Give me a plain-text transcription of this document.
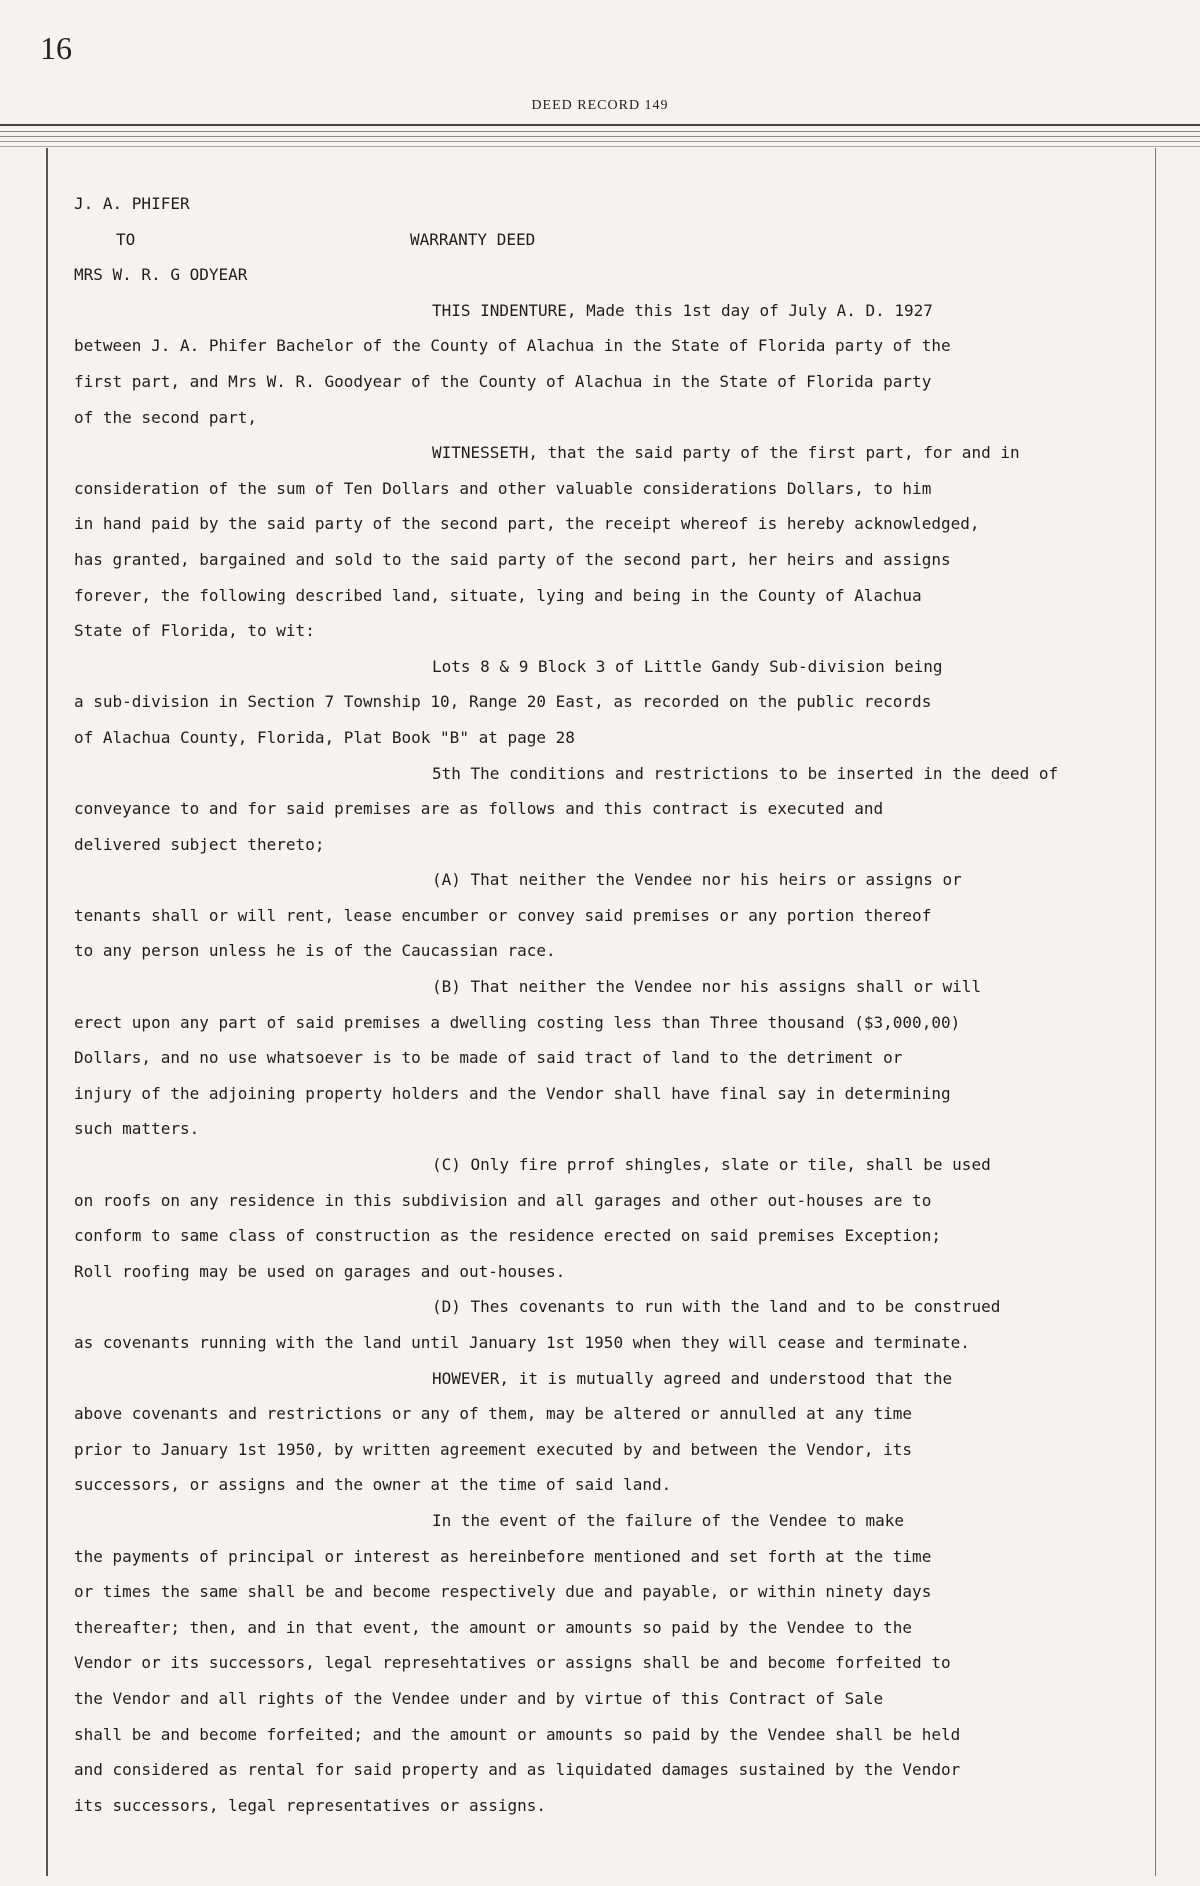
16
DEED RECORD 149
J. A. PHIFER
TO	WARRANTY DEED
MRS W. R. G ODYEAR
THIS INDENTURE, Made this 1st day of July A. D. 1927
between J. A. Phifer Bachelor of the County of Alachua in the State of Florida party of the
first part, and Mrs W. R. Goodyear of the County of Alachua in the State of Florida party
of the second part,
WITNESSETH, that the said party of the first part, for and in
consideration of the sum of Ten Dollars and other valuable considerations Dollars, to him
in hand paid by the said party of the second part, the receipt whereof is hereby acknowledged,
has granted, bargained and sold to the said party of the second part, her heirs and assigns
forever, the following described land, situate, lying and being in the County of Alachua
State of Florida, to wit:
Lots 8 & 9 Block 3 of Little Gandy Sub-division being
a sub-division in Section 7 Township 10, Range 20 East, as recorded on the public records
of Alachua County, Florida, Plat Book "B" at page 28
5th The conditions and restrictions to be inserted in the deed of
conveyance to and for said premises are as follows and this contract is executed and
delivered subject thereto;
(A) That neither the Vendee nor his heirs or assigns or
tenants shall or will rent, lease encumber or convey said premises or any portion thereof
to any person unless he is of the Caucassian race.
(B) That neither the Vendee nor his assigns shall or will
erect upon any part of said premises a dwelling costing less than Three thousand ($3,000,00)
Dollars, and no use whatsoever is to be made of said tract of land to the detriment or
injury of the adjoining property holders and the Vendor shall have final say in determining
such matters.
(C) Only fire prrof shingles, slate or tile, shall be used
on roofs on any residence in this subdivision and all garages and other out-houses are to
conform to same class of construction as the residence erected on said premises Exception;
Roll roofing may be used on garages and out-houses.
(D) Thes covenants to run with the land and to be construed
as covenants running with the land until January 1st 1950 when they will cease and terminate.
HOWEVER, it is mutually agreed and understood that the
above covenants and restrictions or any of them, may be altered or annulled at any time
prior to January 1st 1950, by written agreement executed by and between the Vendor, its
successors, or assigns and the owner at the time of said land.
In the event of the failure of the Vendee to make
the payments of principal or interest as hereinbefore mentioned and set forth at the time
or times the same shall be and become respectively due and payable, or within ninety days
thereafter; then, and in that event, the amount or amounts so paid by the Vendee to the
Vendor or its successors, legal represehtatives or assigns shall be and become forfeited to
the Vendor and all rights of the Vendee under and by virtue of this Contract of Sale
shall be and become forfeited; and the amount or amounts so paid by the Vendee shall be held
and considered as rental for said property and as liquidated damages sustained by the Vendor
its successors, legal representatives or assigns.
